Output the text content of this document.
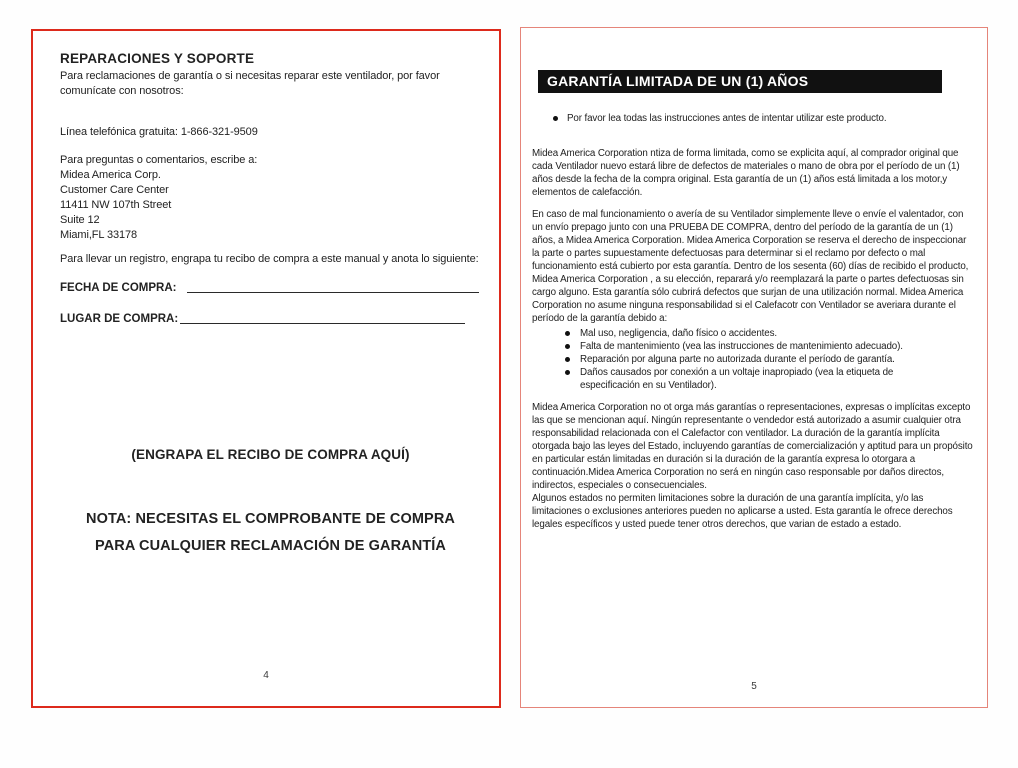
REPARACIONES Y SOPORTE

Para reclamaciones de garantía o si necesitas reparar este ventilador, por favor comunícate con nosotros:

Línea telefónica gratuita: 1-866-321-9509

Para preguntas o comentarios, escribe a:

Midea America Corp.
Customer Care Center
11411 NW 107th Street
Suite 12
Miami,FL 33178

Para llevar un registro, engrapa tu recibo de compra a este manual y anota lo siguiente:

FECHA DE COMPRA:
LUGAR DE COMPRA:
(ENGRAPA EL RECIBO DE COMPRA AQUÍ)
NOTA: NECESITAS EL COMPROBANTE DE COMPRA
PARA CUALQUIER RECLAMACIÓN DE GARANTÍA
4
GARANTÍA LIMITADA DE UN (1) AÑOS
Por favor lea todas las instrucciones antes de intentar utilizar este producto.

Midea America Corporation ntiza de forma limitada, como se explicita aquí, al comprador original que cada Ventilador nuevo estará libre de defectos de materiales o mano de obra por el período de un (1) años desde la fecha de la compra original. Esta garantía de un (1) años está limitada a los motor,y elementos de calefacción.

En caso de mal funcionamiento o avería de su Ventilador simplemente lleve o envíe el valentador, con un envío prepago junto con una PRUEBA DE COMPRA, dentro del período de la garantía de un (1) años, a Midea America Corporation. Midea America Corporation se reserva el derecho de inspeccionar la parte o partes supuestamente defectuosas para determinar si el reclamo por defecto o mal funcionamiento está cubierto por esta garantía. Dentro de los sesenta (60) días de recibido el producto, Midea America Corporation , a su elección, reparará y/o reemplazará la parte o partes defectuosas sin cargo alguno. Esta garantía sólo cubrirá defectos que surjan de una utilización normal. Midea America Corporation no asume ninguna responsabilidad si el Calefacotr con Ventilador se averiara durante el período de la garantía debido a:

Mal uso, negligencia, daño físico o accidentes.
Falta de mantenimiento (vea las instrucciones de mantenimiento adecuado).
Reparación por alguna parte no autorizada durante el período de garantía.
Daños causados por conexión a un voltaje inapropiado (vea la etiqueta de especificación en su Ventilador).

Midea America Corporation no ot orga más garantías o representaciones, expresas o implícitas excepto las que se mencionan aquí. Ningún representante o vendedor está autorizado a asumir cualquier otra responsabilidad relacionada con el Calefactor con ventilador. La duración de la garantía implícita otorgada bajo las leyes del Estado, incluyendo garantías de comercialización y aptitud para un propósito en particular están limitadas en duración si la duración de la garantía expresa lo otorgara a continuación.Midea America Corporation no será en ningún caso responsable por daños directos, indirectos, especiales o consecuenciales.

Algunos estados no permiten limitaciones sobre la duración de una garantía implícita, y/o las limitaciones o exclusiones anteriores pueden no aplicarse a usted. Esta garantía le ofrece derechos legales específicos y usted puede tener otros derechos, que varian de estado a estado.

5
